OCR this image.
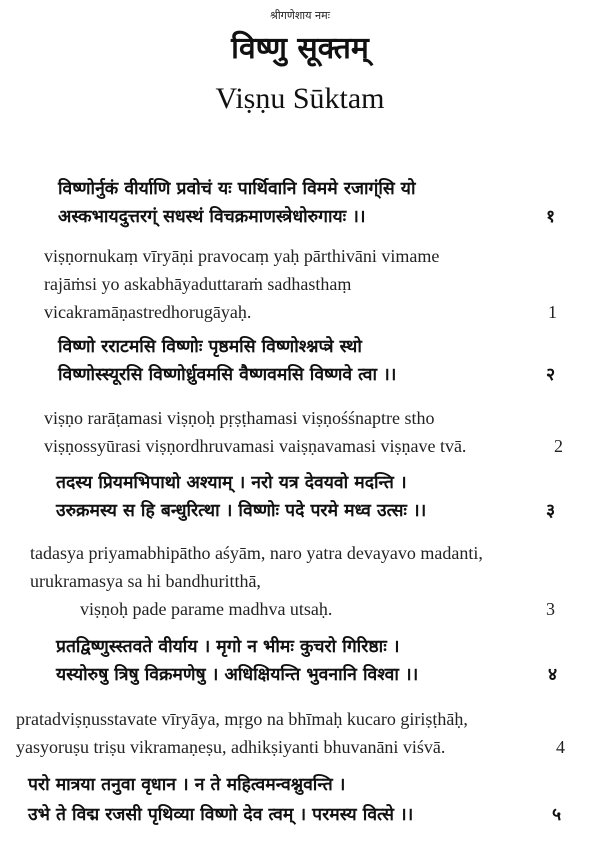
श्रीगणेशाय नमः
विष्णु सूक्तम्
Viṣṇu Sūktam
विष्णोर्नुकं वीर्याणि प्रवोचं यः पार्थिवानि विममे रजाग्ंसि यो
अस्कभायदुत्तरग्ं सधस्थं विचक्रमाणस्त्रेधोरुगायः ।।	१
viṣṇornukaṃ vīryāṇi pravocaṃ yaḥ pārthivāni vimame
rajāṁsi yo askabhāyaduttaraṁ sadhasthaṃ
vicakramāṇastredhorugāyaḥ.	1
विष्णो रराटमसि विष्णोः पृष्ठमसि विष्णोश्श्नप्त्रे स्थो
विष्णोस्स्यूरसि विष्णोर्ध्रुवमसि वैष्णवमसि विष्णवे त्वा ।।	२
viṣṇo rarāṭamasi viṣṇoḥ pṛṣṭhamasi viṣṇośśnaptre stho
viṣṇossyūrasi viṣṇordhruvamasi vaiṣṇavamasi viṣṇave tvā.	2
तदस्य प्रियमभिपाथो अश्याम् । नरो यत्र देवयवो मदन्ति ।
उरुक्रमस्य स हि बन्धुरित्था । विष्णोः पदे परमे मध्व उत्सः ।।	३
tadasya priyamabhipātho aśyām, naro yatra devayavo madanti,
urukramasya sa hi bandhuritthā,
viṣṇoḥ pade parame madhva utsaḥ.	3
प्रतद्विष्णुस्स्तवते वीर्याय । मृगो न भीमः कुचरो गिरिष्ठाः ।
यस्योरुषु त्रिषु विक्रमणेषु । अधिक्षियन्ति भुवनानि विश्वा ।।	४
pratadviṣṇusstavate vīryāya, mṛgo na bhīmaḥ kucaro giriṣṭhāḥ,
yasyoruṣu triṣu vikramaṇeṣu, adhikṣiyanti bhuvanāni viśvā.	4
परो मात्रया तनुवा वृधान । न ते महित्वमन्वश्नुवन्ति ।
उभे ते विद्म रजसी पृथिव्या विष्णो देव त्वम् । परमस्य वित्से ।।	५
